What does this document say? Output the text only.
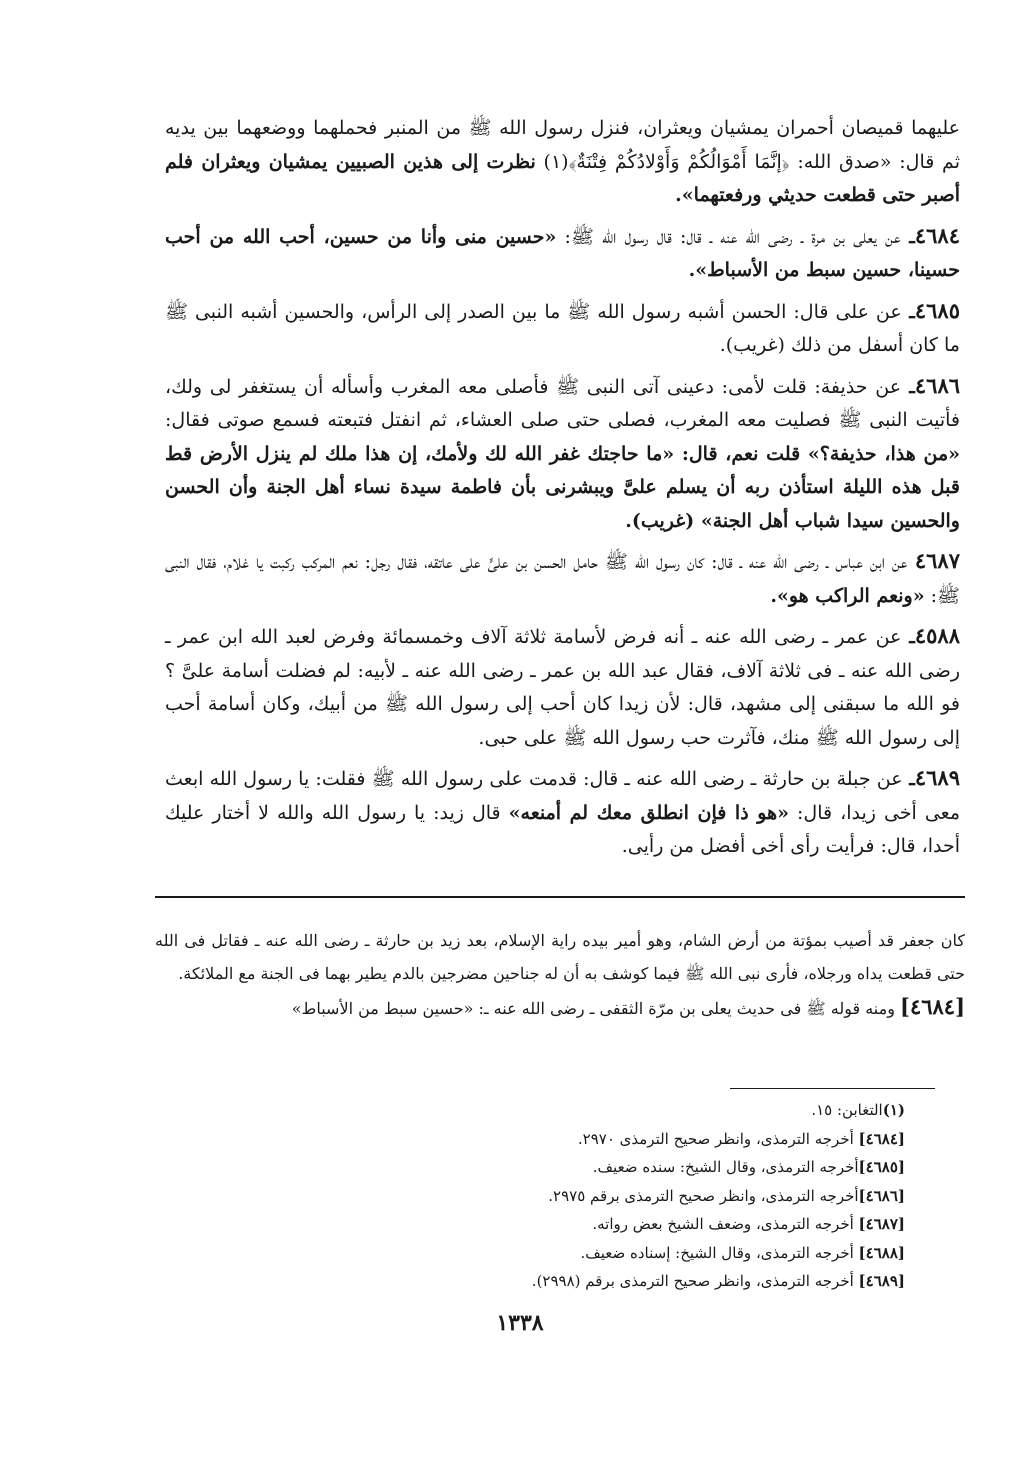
عليهما قميصان أحمران يمشيان ويعثران، فنزل رسول الله ﷺ من المنبر فحملهما ووضعهما بين يديه ثم قال: «صدق الله: ﴿إنَّمَا أَمْوَالُكُمْ وَأَوْلادُكُمْ فِتْنَةٌ﴾(١) نظرت إلى هذين الصبيين يمشيان ويعثران فلم أصبر حتى قطعت حديثي ورفعتهما».

٤٦٨٤ـ عن يعلى بن مرة ـ رضى الله عنه ـ قال: قال رسول الله ﷺ: «حسين منى وأنا من حسين، أحب الله من أحب حسينا، حسين سبط من الأسباط».

٤٦٨٥ـ عن على قال: الحسن أشبه رسول الله ﷺ ما بين الصدر إلى الرأس، والحسين أشبه النبى ﷺ ما كان أسفل من ذلك (غريب).

٤٦٨٦ـ عن حذيفة: قلت لأمى: دعينى آتى النبى ﷺ فأصلى معه المغرب وأسأله أن يستغفر لى ولك، فأتيت النبى ﷺ فصليت معه المغرب، فصلى حتى صلى العشاء، ثم انفتل فتبعته فسمع صوتى فقال: «من هذا، حذيفة؟» قلت نعم، قال: «ما حاجتك غفر الله لك ولأمك، إن هذا ملك لم ينزل الأرض قط قبل هذه الليلة استأذن ربه أن يسلم علىَّ ويبشرنى بأن فاطمة سيدة نساء أهل الجنة وأن الحسن والحسين سيدا شباب أهل الجنة» (غريب).

٤٦٨٧ عن ابن عباس ـ رضى الله عنه ـ قال: كان رسول الله ﷺ حامل الحسن بن علىٍّ على عاتقه، فقال رجل: نعم المركب ركبت يا غلام، فقال النبى ﷺ: «ونعم الراكب هو».

٤٥٨٨ـ عن عمر ـ رضى الله عنه ـ أنه فرض لأسامة ثلاثة آلاف وخمسمائة وفرض لعبد الله ابن عمر ـ رضى الله عنه ـ فى ثلاثة آلاف، فقال عبد الله بن عمر ـ رضى الله عنه ـ لأبيه: لم فضلت أسامة علىَّ ؟ فو الله ما سبقنى إلى مشهد، قال: لأن زيدا كان أحب إلى رسول الله ﷺ من أبيك، وكان أسامة أحب إلى رسول الله ﷺ منك، فآثرت حب رسول الله ﷺ على حبى.

٤٦٨٩ـ عن جبلة بن حارثة ـ رضى الله عنه ـ قال: قدمت على رسول الله ﷺ فقلت: يا رسول الله ابعث معى أخى زيدا، قال: «هو ذا فإن انطلق معك لم أمنعه» قال زيد: يا رسول الله والله لا أختار عليك أحدا، قال: فرأيت رأى أخى أفضل من رأيى.

كان جعفر قد أصيب بمؤتة من أرض الشام، وهو أمير بيده راية الإسلام، بعد زيد بن حارثة ـ رضى الله عنه ـ فقاتل فى الله حتى قطعت يداه ورجلاه، فأرى نبى الله ﷺ فيما كوشف به أن له جناحين مضرجين بالدم يطير بهما فى الجنة مع الملائكة.

[٤٦٨٤] ومنه قوله ﷺ فى حديث يعلى بن مرّة الثقفى ـ رضى الله عنه ـ: «حسين سبط من الأسباط»

(١)التغابن: ١٥.
[٤٦٨٤] أخرجه الترمذى، وانظر صحيح الترمذى ٢٩٧٠.
[٤٦٨٥]أخرجه الترمذى، وقال الشيخ: سنده ضعيف.
[٤٦٨٦]أخرجه الترمذى، وانظر صحيح الترمذى برقم ٢٩٧٥.
[٤٦٨٧] أخرجه الترمذى، وضعف الشيخ بعض رواته.
[٤٦٨٨] أخرجه الترمذى، وقال الشيخ: إسناده ضعيف.
[٤٦٨٩] أخرجه الترمذى، وانظر صحيح الترمذى برقم (٢٩٩٨).
١٣٣٨
